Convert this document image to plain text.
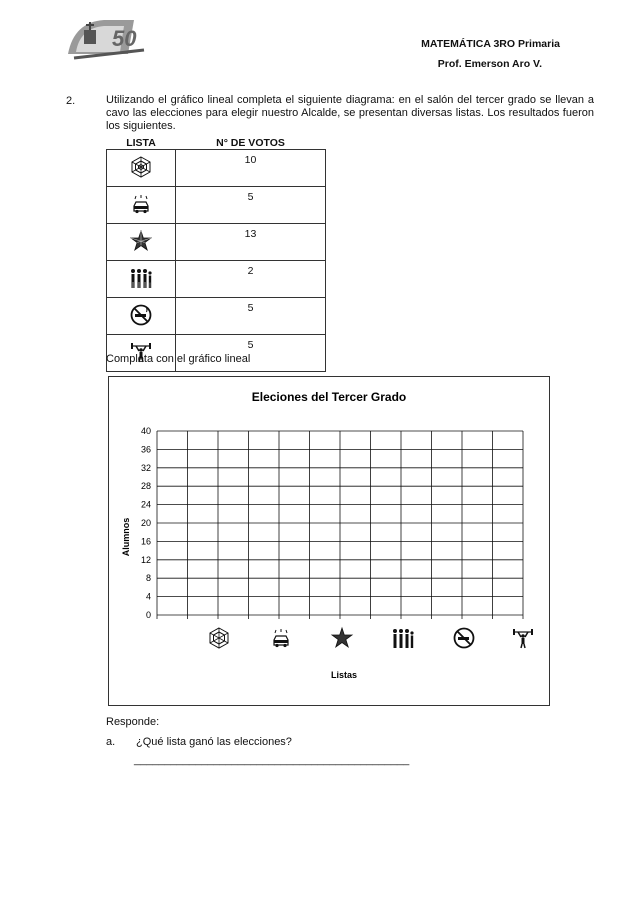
50	MATEMÁTICA 3RO Primaria
Prof. Emerson Aro V.
2.	Utilizando el gráfico lineal completa el siguiente diagrama: en el salón del tercer grado se llevan a cavo las elecciones para elegir nuestro Alcalde, se presentan diversas listas. Los resultados fueron los siguientes.
LISTA	N° DE VOTOS
	10
	5
	13
	2
	5
	5
Completa con el gráfico lineal
Eleciones del Tercer Grado
Alumnos
Listas
0
4
8
12
16
20
24
28
32
36
40
Responde:
a. ¿Qué lista ganó las elecciones?
_____________________________________________
